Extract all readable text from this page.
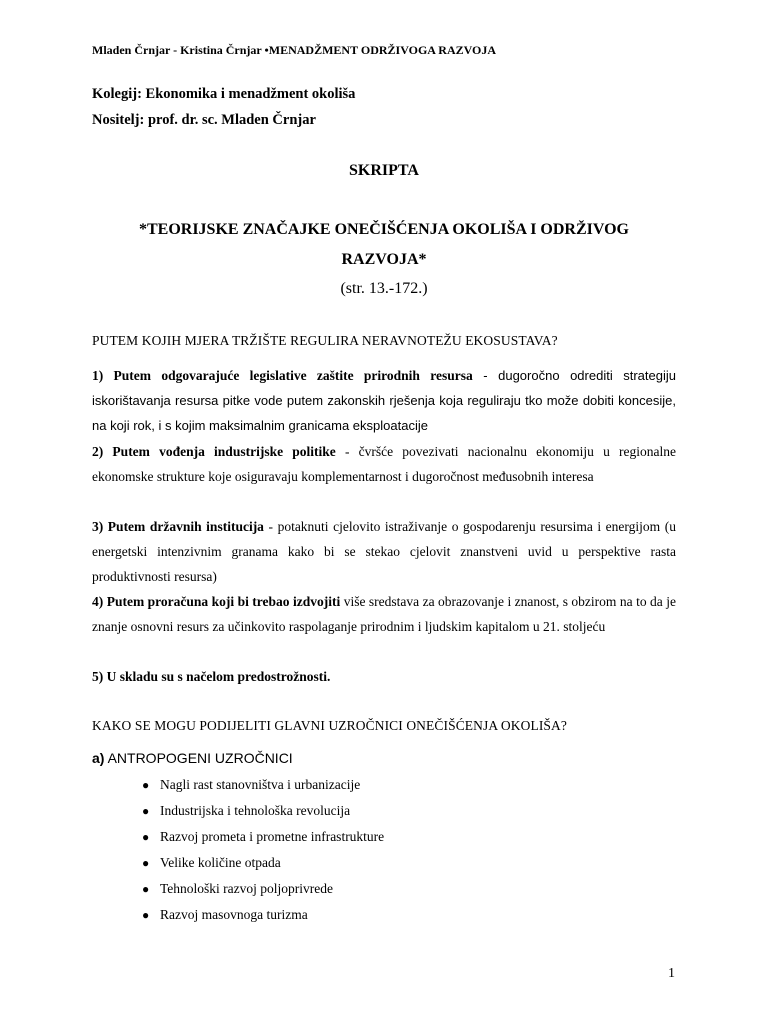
Mladen Črnjar - Kristina Črnjar •MENADŽMENT ODRŽIVOGA RAZVOJA
Kolegij: Ekonomika i menadžment okoliša
Nositelj: prof. dr. sc. Mladen Črnjar
SKRIPTA
*TEORIJSKE ZNAČAJKE ONEČIŠĆENJA OKOLIŠA I ODRŽIVOG
RAZVOJA*
(str. 13.-172.)
PUTEM KOJIH MJERA TRŽIŠTE REGULIRA NERAVNOTEŽU EKOSUSTAVA?
1) Putem odgovarajuće legislative zaštite prirodnih resursa - dugoročno odrediti strategiju iskorištavanja resursa pitke vode putem zakonskih rješenja koja reguliraju tko može dobiti koncesije, na koji rok, i s kojim maksimalnim granicama eksploatacije
2) Putem vođenja industrijske politike - čvršće povezivati nacionalnu ekonomiju u regionalne ekonomske strukture koje osiguravaju komplementarnost i dugoročnost međusobnih interesa
3) Putem državnih institucija - potaknuti cjelovito istraživanje o gospodarenju resursima i energijom (u energetski intenzivnim granama kako bi se stekao cjelovit znanstveni uvid u perspektive rasta produktivnosti resursa)
4) Putem proračuna koji bi trebao izdvojiti više sredstava za obrazovanje i znanost, s obzirom na to da je znanje osnovni resurs za učinkovito raspolaganje prirodnim i ljudskim kapitalom u 21. stoljeću
5) U skladu su s načelom predostrožnosti.
KAKO SE MOGU PODIJELITI GLAVNI UZROČNICI ONEČIŠĆENJA OKOLIŠA?
a) ANTROPOGENI UZROČNICI
● Nagli rast stanovništva i urbanizacije
● Industrijska i tehnološka revolucija
● Razvoj prometa i prometne infrastrukture
● Velike količine otpada
● Tehnološki razvoj poljoprivrede
● Razvoj masovnoga turizma
1
